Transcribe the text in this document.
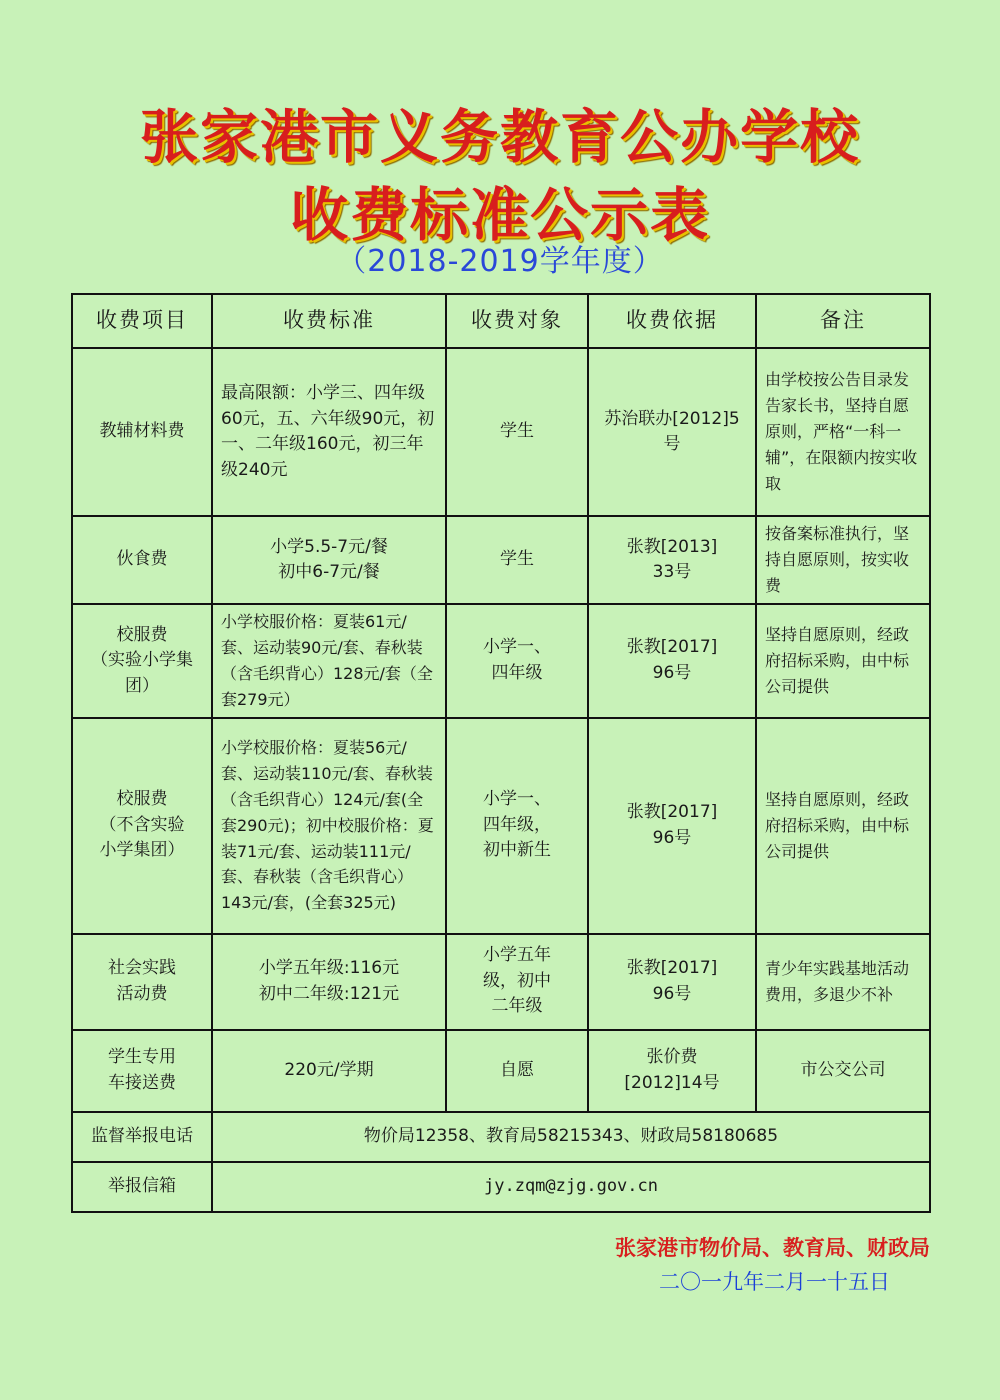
张家港市义务教育公办学校
收费标准公示表
（2018-2019学年度）
收费项目	收费标准	收费对象	收费依据	备注
教辅材料费	最高限额：小学三、四年级60元，五、六年级90元，初一、二年级160元，初三年级240元	学生	苏治联办[2012]5号	由学校按公告目录发告家长书，坚持自愿原则，严格“一科一辅”，在限额内按实收取
伙食费	小学5.5-7元/餐
初中6-7元/餐	学生	张教[2013]
33号	按备案标准执行，坚持自愿原则，按实收费
校服费
（实验小学集团）	小学校服价格：夏装61元/套、运动装90元/套、春秋装（含毛织背心）128元/套（全套279元）	小学一、
四年级	张教[2017]
96号	坚持自愿原则，经政府招标采购，由中标公司提供
校服费
（不含实验
小学集团）	小学校服价格：夏装56元/套、运动装110元/套、春秋装（含毛织背心）124元/套(全套290元)；初中校服价格：夏装71元/套、运动装111元/套、春秋装（含毛织背心）143元/套，(全套325元)	小学一、
四年级，
初中新生	张教[2017]
96号	坚持自愿原则，经政府招标采购，由中标公司提供
社会实践
活动费	小学五年级:116元
初中二年级:121元	小学五年
级，初中
二年级	张教[2017]
96号	青少年实践基地活动费用，多退少不补
学生专用
车接送费	220元/学期	自愿	张价费
[2012]14号	市公交公司
监督举报电话	物价局12358、教育局58215343、财政局58180685			
举报信箱	jy.zqm@zjg.gov.cn			
张家港市物价局、教育局、财政局
二〇一九年二月一十五日
